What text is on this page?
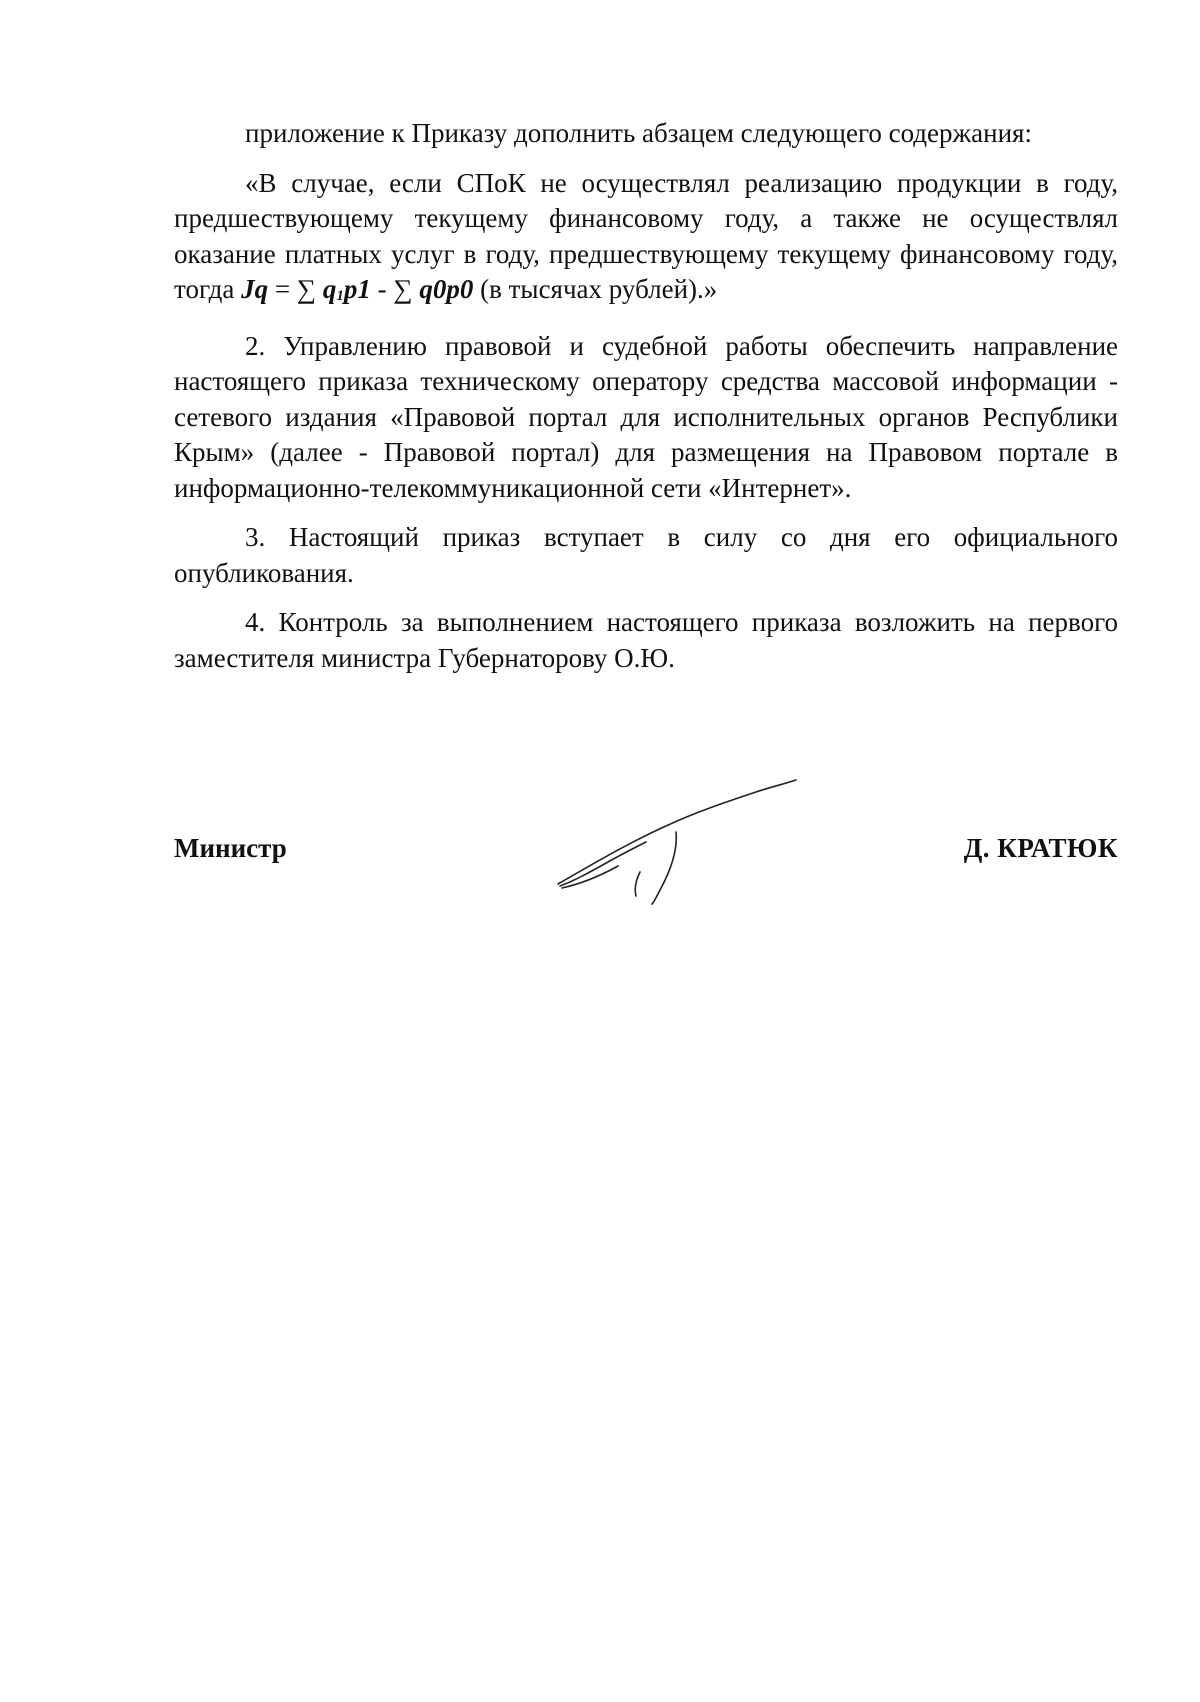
приложение к Приказу дополнить абзацем следующего содержания:

«В случае, если СПоК не осуществлял реализацию продукции в году, предшествующему текущему финансовому году, а также не осуществлял оказание платных услуг в году, предшествующему текущему финансовому году, тогда Jq = ∑ q1p1 - ∑ q0p0 (в тысячах рублей).»

2. Управлению правовой и судебной работы обеспечить направление настоящего приказа техническому оператору средства массовой информации - сетевого издания «Правовой портал для исполнительных органов Республики Крым» (далее - Правовой портал) для размещения на Правовом портале в информационно-телекоммуникационной сети «Интернет».

3. Настоящий приказ вступает в силу со дня его официального опубликования.

4. Контроль за выполнением настоящего приказа возложить на первого заместителя министра Губернаторову О.Ю.

Министр	Д. КРАТЮК
